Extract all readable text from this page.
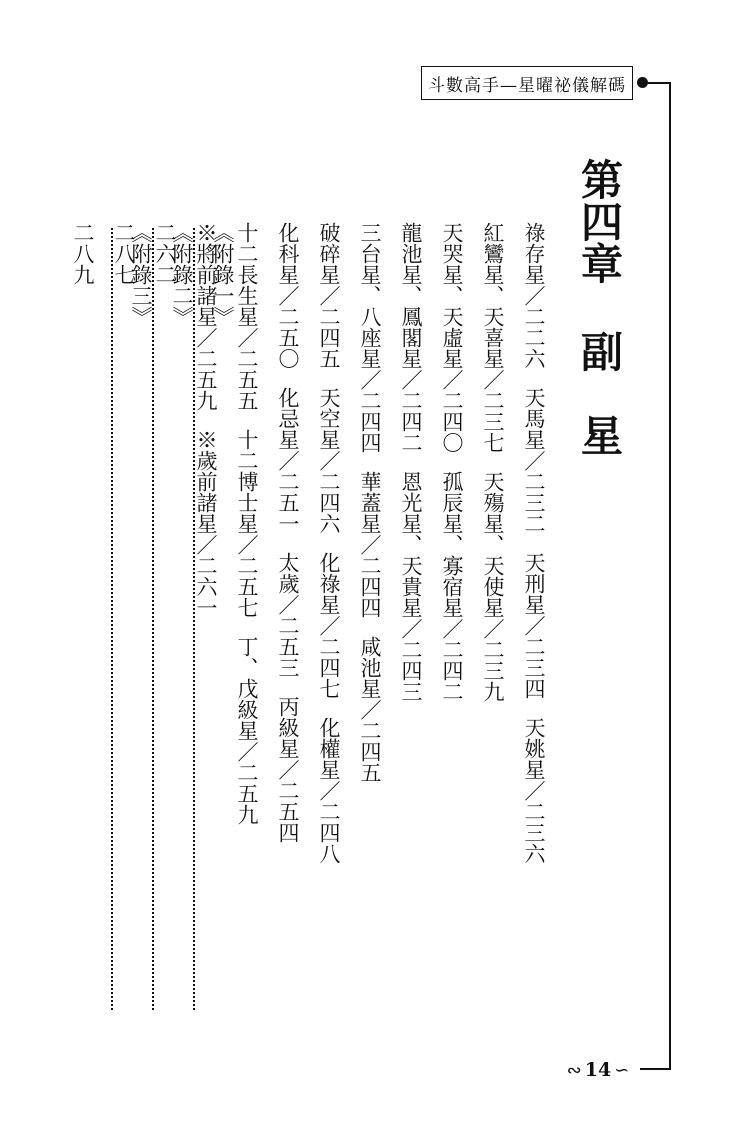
斗數高手—星曜祕儀解碼
第四章副　星
祿存星／二二六天馬星／二三二天刑星／二三四天姚星／二三六
紅鸞星、天喜星／二三七天殤星、天使星／二三九
天哭星、天虛星／二四〇孤辰星、寡宿星／二四二
龍池星、鳳閣星／二四二恩光星、天貴星／二四三
三台星、八座星／二四四華蓋星／二四四咸池星／二四五
破碎星／二四五天空星／二四六化祿星／二四七化權星／二四八
化科星／二五〇化忌星／二五一太歲／二五三丙級星／二五四
十二長生星／二五五十二博士星／二五七丁、戊級星／二五九
※將前諸星／二五九※歲前諸星／二六一
《附錄一》
二六二
《附錄二》
二八七
《附錄三》
二八九
∾ 14 ∽
